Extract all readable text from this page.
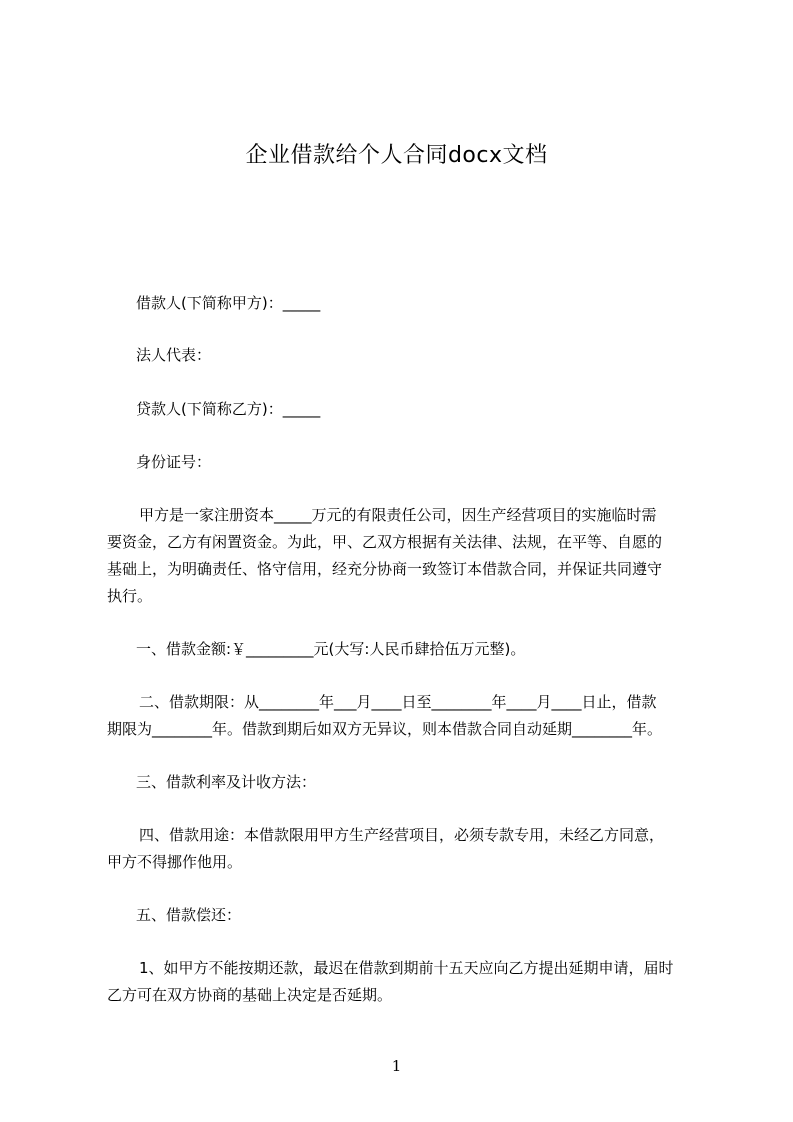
企业借款给个人合同docx文档
借款人(下简称甲方)：_____
法人代表：
贷款人(下简称乙方)：_____
身份证号：
甲方是一家注册资本_____万元的有限责任公司，因生产经营项目的实施临时需
要资金，乙方有闲置资金。为此，甲、乙双方根据有关法律、法规，在平等、自愿的
基础上，为明确责任、恪守信用，经充分协商一致签订本借款合同，并保证共同遵守
执行。
一、借款金额:￥_________元(大写:人民币肆拾伍万元整)。
二、借款期限：从________年___月____日至________年____月____日止，借款
期限为________年。借款到期后如双方无异议，则本借款合同自动延期________年。
三、借款利率及计收方法：
四、借款用途：本借款限用甲方生产经营项目，必须专款专用，未经乙方同意，
甲方不得挪作他用。
五、借款偿还：
1、如甲方不能按期还款，最迟在借款到期前十五天应向乙方提出延期申请，届时
乙方可在双方协商的基础上决定是否延期。
1
